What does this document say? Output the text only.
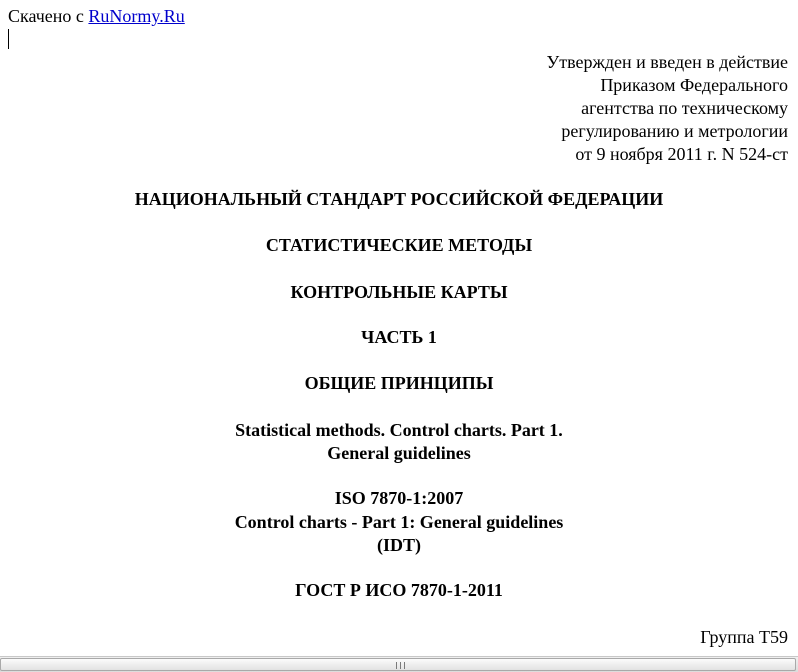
Скачено с RuNormy.Ru
Утвержден и введен в действие
Приказом Федерального
агентства по техническому
регулированию и метрологии
от 9 ноября 2011 г. N 524-ст
НАЦИОНАЛЬНЫЙ СТАНДАРТ РОССИЙСКОЙ ФЕДЕРАЦИИ
СТАТИСТИЧЕСКИЕ МЕТОДЫ
КОНТРОЛЬНЫЕ КАРТЫ
ЧАСТЬ 1
ОБЩИЕ ПРИНЦИПЫ
Statistical methods. Control charts. Part 1.
General guidelines
ISO 7870-1:2007
Control charts - Part 1: General guidelines
(IDT)
ГОСТ Р ИСО 7870-1-2011
Группа Т59
